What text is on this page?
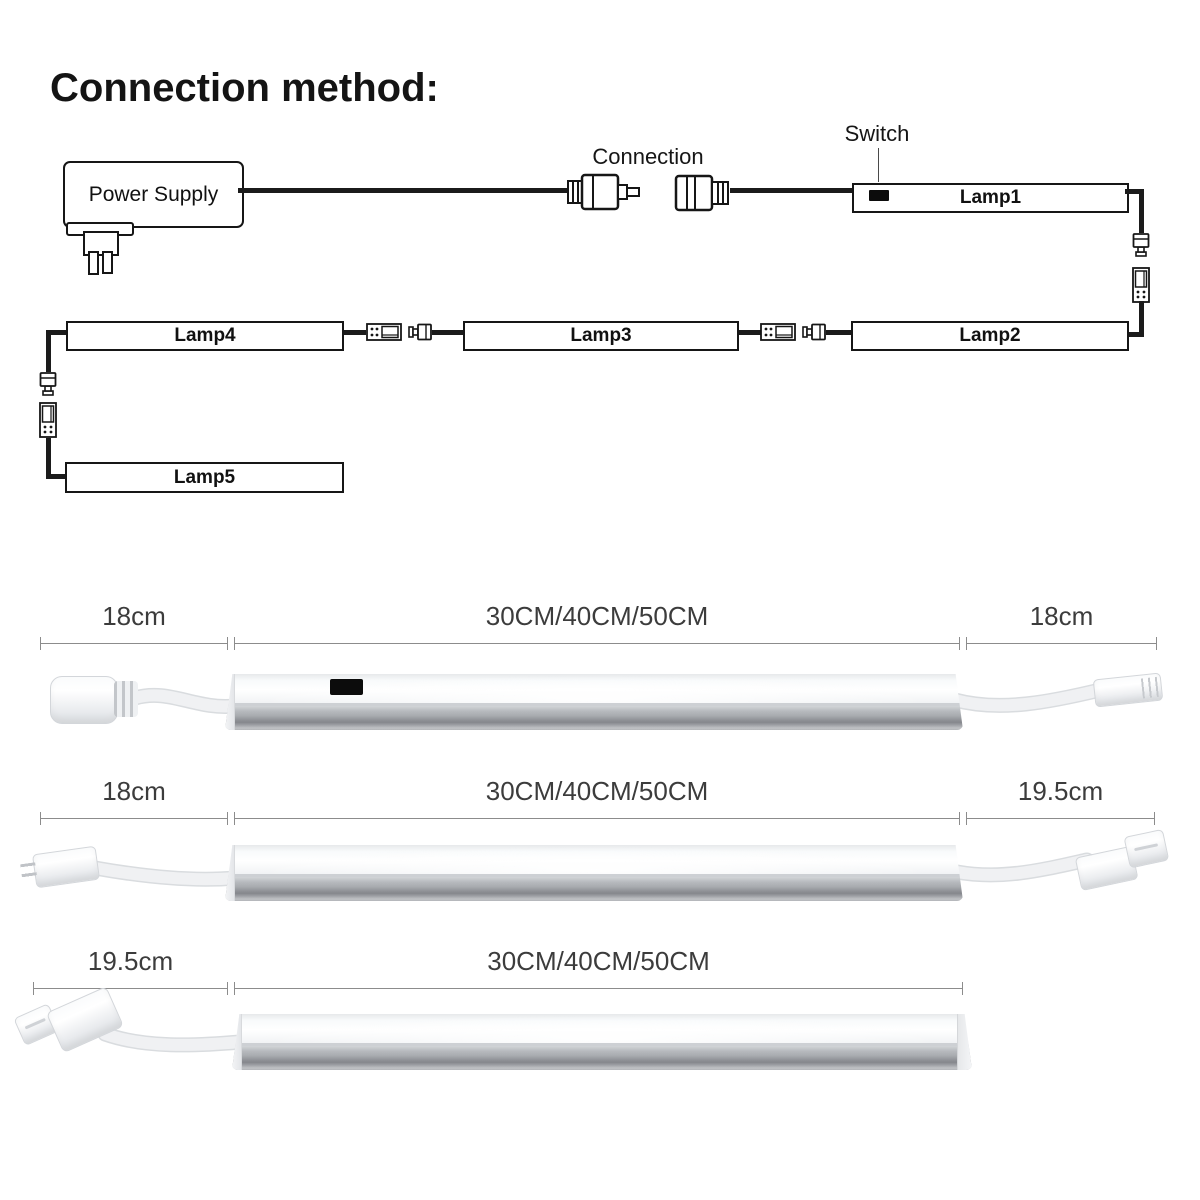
Connection method:
Power Supply
Connection
Switch
Lamp1
Lamp2
Lamp3
Lamp4
Lamp5
18cm	30CM/40CM/50CM	18cm
18cm	30CM/40CM/50CM	19.5cm
19.5cm	30CM/40CM/50CM
